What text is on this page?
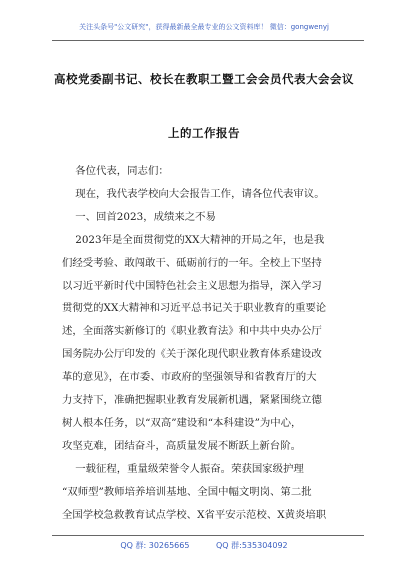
关注头条号"公文研究"，获得最新最全最专业的公文资料库！ 微信：gongwenyj
高校党委副书记、校长在教职工暨工会会员代表大会会议
上的工作报告
各位代表，同志们：
现在，我代表学校向大会报告工作，请各位代表审议。
一、回首2023，成绩来之不易
2023年是全面贯彻党的XX大精神的开局之年，也是我
们经受考验、敢闯敢干、砥砺前行的一年。全校上下坚持
以习近平新时代中国特色社会主义思想为指导，深入学习
贯彻党的XX大精神和习近平总书记关于职业教育的重要论
述，全面落实新修订的《职业教育法》和中共中央办公厅
国务院办公厅印发的《关于深化现代职业教育体系建设改
革的意见》，在市委、市政府的坚强领导和省教育厅的大
力支持下，准确把握职业教育发展新机遇，紧紧围绕立德
树人根本任务，以“双高”建设和“本科建设”为中心，
攻坚克难，团结奋斗，高质量发展不断跃上新台阶。
一载征程，重量级荣誉令人振奋。荣获国家级护理
“双师型”教师培养培训基地、全国中幅文明岗、第二批
全国学校急救教育试点学校、X省平安示范校、X黄炎培职
QQ 群: 30265665	QQ 群:535304092
